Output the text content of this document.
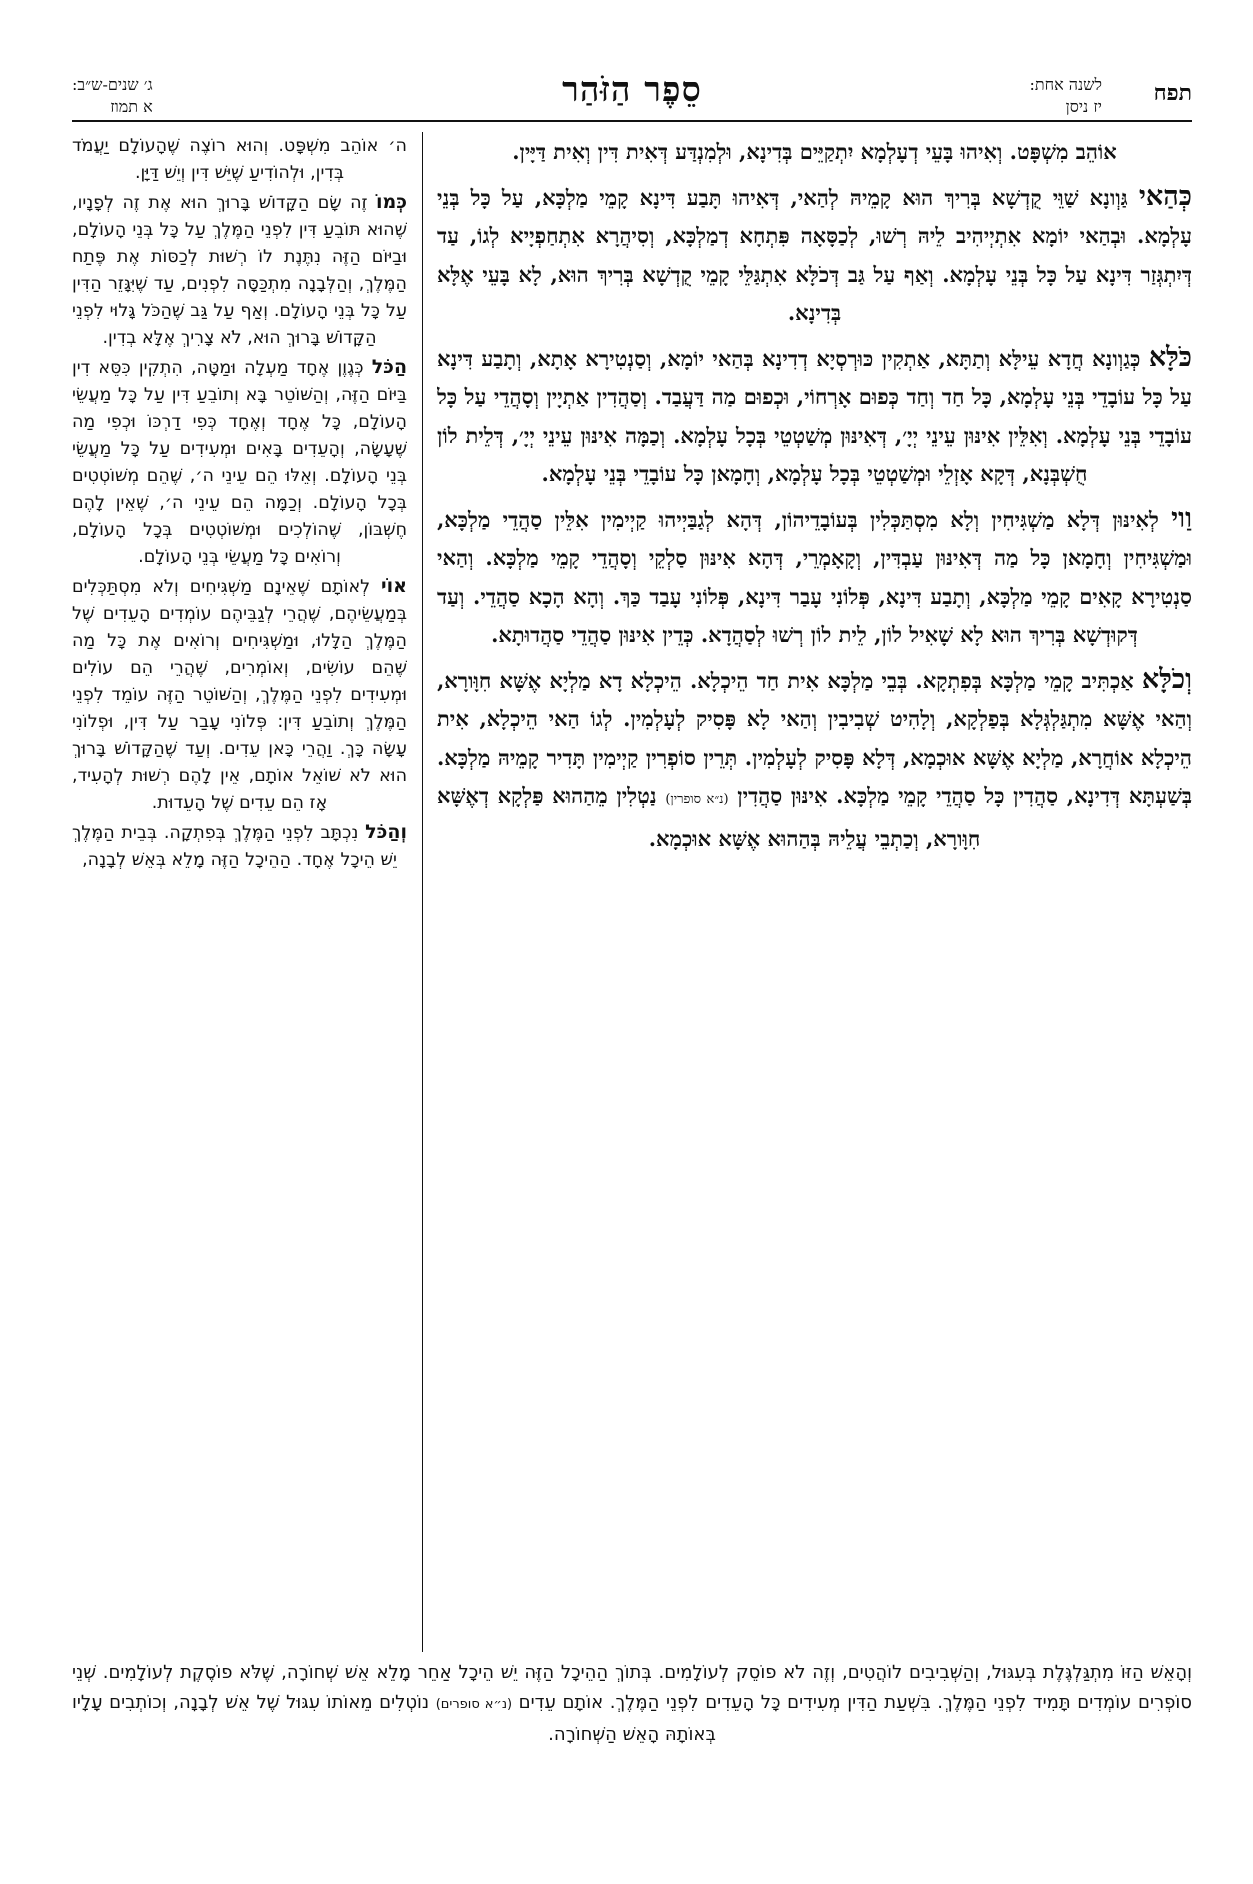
תפח
לשנה אחת:
יז ניסן
סֵפֶר הַזֹּהַר
ג׳ שנים-ש״ב:
א תמוז

אוֹהֵב מִשְׁפָּט. וְאִיהוּ בָּעֵי דְעָלְמָא יִתְקַיֵּים בְּדִינָא, וּלְמִנְדַּע דְּאִית דִּין וְאִית דַּיָּין.

כְּהַאי גַּוְונָא שַׁוֵּי קֻדְשָׁא בְּרִיךְ הוּא קָמֵיהּ לְהַאי, דְּאִיהוּ תָּבַע דִּינָא קָמֵי מַלְכָּא, עַל כָּל בְּנֵי עָלְמָא. וּבְהַאי יוֹמָא אִתְיְיהִיב לֵיהּ רְשׁוּ, לְכַסָּאָה פִּתְחָא דְמַלְכָּא, וְסִיהֲרָא אִתְחַפְיָיא לְגוֹ, עַד דְּיִתְגְּזַר דִּינָא עַל כָּל בְּנֵי עָלְמָא. וְאַף עַל גַּב דְּכֹלָּא אִתְגַּלֵּי קָמֵי קֻדְשָׁא בְּרִיךְ הוּא, לָא בָּעֵי אֶלָּא בְּדִינָא.

כֹּלָּא כְּגַוְונָא חֲדָא עֵילָּא וְתַתָּא, אַתְקִין כּוּרְסְיָא דְדִינָא בְּהַאי יוֹמָא, וְסַנְטִירָא אָתָא, וְתָבַע דִּינָא עַל כָּל עוֹבָדֵי בְּנֵי עָלְמָא, כָּל חַד וְחַד כְּפוּם אָרְחוֹי, וּכְפוּם מַה דַּעֲבַד. וְסַהֲדִין אַתְיָין וְסָהֲדֵי עַל כָּל עוֹבָדֵי בְּנֵי עָלְמָא. וְאִלֵּין אִינּוּן עֵינֵי יְיָ׳, דְּאִינּוּן מְשַׁטְטֵי בְּכָל עָלְמָא. וְכַמָּה אִינּוּן עֵינֵי יְיָ׳, דְּלֵית לוֹן חֻשְׁבְּנָא, דְּקָא אָזְלֵי וּמְשַׁטְטֵי בְּכָל עָלְמָא, וְחָמָאן כָּל עוֹבָדֵי בְּנֵי עָלְמָא.

וַוי לְאִינּוּן דְּלָא מַשְׁגִּיחִין וְלָא מִסְתַּכְּלִין בְּעוֹבָדֵיהוֹן, דְּהָא לְגַבַּיְיהוּ קַיְימִין אִלֵּין סַהֲדֵי מַלְכָּא, וּמַשְׁגִּיחִין וְחָמָאן כָּל מַה דְּאִינּוּן עַבְדִּין, וְקָאָמְרֵי, דְּהָא אִינּוּן סַלְקֵי וְסָהֲדֵי קָמֵי מַלְכָּא. וְהַאי סַנְטִירָא קָאִים קָמֵי מַלְכָּא, וְתָבַע דִּינָא, פְּלוֹנִי עָבַר דִּינָא, פְּלוֹנִי עָבַד כַּךְ. וְהָא הָכָא סַהֲדֵי. וְעַד דְּקוּדְשָׁא בְּרִיךְ הוּא לָא שָׁאִיל לוֹן, לֵית לוֹן רְשׁוּ לְסַהֲדָא. כְּדֵין אִינּוּן סַהֲדֵי סַהֲדוּתָא.

וְכֹלָּא אַכְתִּיב קָמֵי מַלְכָּא בְּפִתְקָא. בְּבֵי מַלְכָּא אִית חַד הֵיכְלָא. הֵיכְלָא דָא מַלְיָא אֶשָּׁא חִוָּורָא, וְהַאי אֶשָּׁא מִתְגַּלְגְּלָא בְּפַלְקָא, וְלָהִיט שְׁבִיבִין וְהַאי לָא פָּסִיק לְעָלְמִין. לְגוֹ הַאי הֵיכְלָא, אִית הֵיכְלָא אוֹחֲרָא, מַלְיָא אֶשָּׁא אוּכְמָא, דְּלָא פָּסִיק לְעָלְמִין. תְּרֵין סוֹפְרִין קַיְימִין תָּדִיר קָמֵיהּ מַלְכָּא. בְּשַׁעְתָּא דְּדִינָא, סַהֲדִין כָּל סַהֲדֵי קָמֵי מַלְכָּא. אִינּוּן סַהֲדִין (נ״א סופרין) נַטְלִין מֵהַהוּא פַּלְקָא דְאֶשָּׁא חִוָּורָא, וְכַתְבֵי עֲלֵיהּ בְּהַהוּא אֶשָּׁא אוּכְמָא.

ה׳ אוֹהֵב מִשְׁפָּט. וְהוּא רוֹצֶה שֶׁהָעוֹלָם יַעֲמֹד בְּדִין, וּלְהוֹדִיעַ שֶׁיֵּשׁ דִּין וְיֵשׁ דַּיָּן.

כְּמוֹ זֶה שָׂם הַקָּדוֹשׁ בָּרוּךְ הוּא אֶת זֶה לְפָנָיו, שֶׁהוּא תּוֹבֵעַ דִּין לִפְנֵי הַמֶּלֶךְ עַל כָּל בְּנֵי הָעוֹלָם, וּבַיּוֹם הַזֶּה נִתֶּנֶת לוֹ רְשׁוּת לְכַסּוֹת אֶת פֶּתַח הַמֶּלֶךְ, וְהַלְּבָנָה מִתְכַּסָּה לִפְנִים, עַד שֶׁיִּגָּזֵר הַדִּין עַל כָּל בְּנֵי הָעוֹלָם. וְאַף עַל גַּב שֶׁהַכֹּל גָּלוּי לִפְנֵי הַקָּדוֹשׁ בָּרוּךְ הוּא, לֹא צָרִיךְ אֶלָּא בְדִין.

הַכֹּל כְּגֶוֶן אֶחָד מַעְלָה וּמַטָּה, הִתְקִין כִּסֵּא דִין בַּיּוֹם הַזֶּה, וְהַשּׁוֹטֵר בָּא וְתוֹבֵעַ דִּין עַל כָּל מַעֲשֵׂי הָעוֹלָם, כָּל אֶחָד וְאֶחָד כְּפִי דַרְכּוֹ וּכְפִי מַה שֶּׁעָשָׂה, וְהָעֵדִים בָּאִים וּמְעִידִים עַל כָּל מַעֲשֵׂי בְּנֵי הָעוֹלָם. וְאֵלּוּ הֵם עֵינֵי ה׳, שֶׁהֵם מְשׁוֹטְטִים בְּכָל הָעוֹלָם. וְכַמָּה הֵם עֵינֵי ה׳, שֶׁאֵין לָהֶם חֶשְׁבּוֹן, שֶׁהוֹלְכִים וּמְשׁוֹטְטִים בְּכָל הָעוֹלָם, וְרוֹאִים כָּל מַעֲשֵׂי בְּנֵי הָעוֹלָם.

אוֹי לְאוֹתָם שֶׁאֵינָם מַשְׁגִּיחִים וְלֹא מִסְתַּכְּלִים בְּמַעֲשֵׂיהֶם, שֶׁהֲרֵי לְגַבֵּיהֶם עוֹמְדִים הָעֵדִים שֶׁל הַמֶּלֶךְ הַלָּלוּ, וּמַשְׁגִּיחִים וְרוֹאִים אֶת כָּל מַה שֶּׁהֵם עוֹשִׂים, וְאוֹמְרִים, שֶׁהֲרֵי הֵם עוֹלִים וּמְעִידִים לִפְנֵי הַמֶּלֶךְ, וְהַשּׁוֹטֵר הַזֶּה עוֹמֵד לִפְנֵי הַמֶּלֶךְ וְתוֹבֵעַ דִּין: פְּלוֹנִי עָבַר עַל דִּין, וּפְלוֹנִי עָשָׂה כָּךְ. וַהֲרֵי כָּאן עֵדִים. וְעַד שֶׁהַקָּדוֹשׁ בָּרוּךְ הוּא לֹא שׁוֹאֵל אוֹתָם, אֵין לָהֶם רְשׁוּת לְהָעִיד, אָז הֵם עֵדִים שֶׁל הָעֵדוּת.

וְהַכֹּל נִכְתָּב לִפְנֵי הַמֶּלֶךְ בְּפִתְקָה. בְּבֵית הַמֶּלֶךְ יֵשׁ הֵיכָל אֶחָד. הַהֵיכָל הַזֶּה מָלֵא בְּאֵשׁ לְבָנָה,

וְהָאֵשׁ הַזּוֹ מִתְגַּלְגֶּלֶת בְּעִגּוּל, וְהַשְּׁבִיבִים לוֹהֲטִים, וְזֶה לֹא פוֹסֵק לְעוֹלָמִים. בְּתוֹךְ הַהֵיכָל הַזֶּה יֵשׁ הֵיכָל אַחֵר מָלֵא אֵשׁ שְׁחוֹרָה, שֶׁלֹּא פוֹסֶקֶת לְעוֹלָמִים. שְׁנֵי סוֹפְרִים עוֹמְדִים תָּמִיד לִפְנֵי הַמֶּלֶךְ. בִּשְׁעַת הַדִּין מְעִידִים כָּל הָעֵדִים לִפְנֵי הַמֶּלֶךְ. אוֹתָם עֵדִים (נ״א סופרים) נוֹטְלִים מֵאוֹתוֹ עִגּוּל שֶׁל אֵשׁ לְבָנָה, וְכוֹתְבִים עָלָיו בְּאוֹתָהּ הָאֵשׁ הַשְּׁחוֹרָה.
